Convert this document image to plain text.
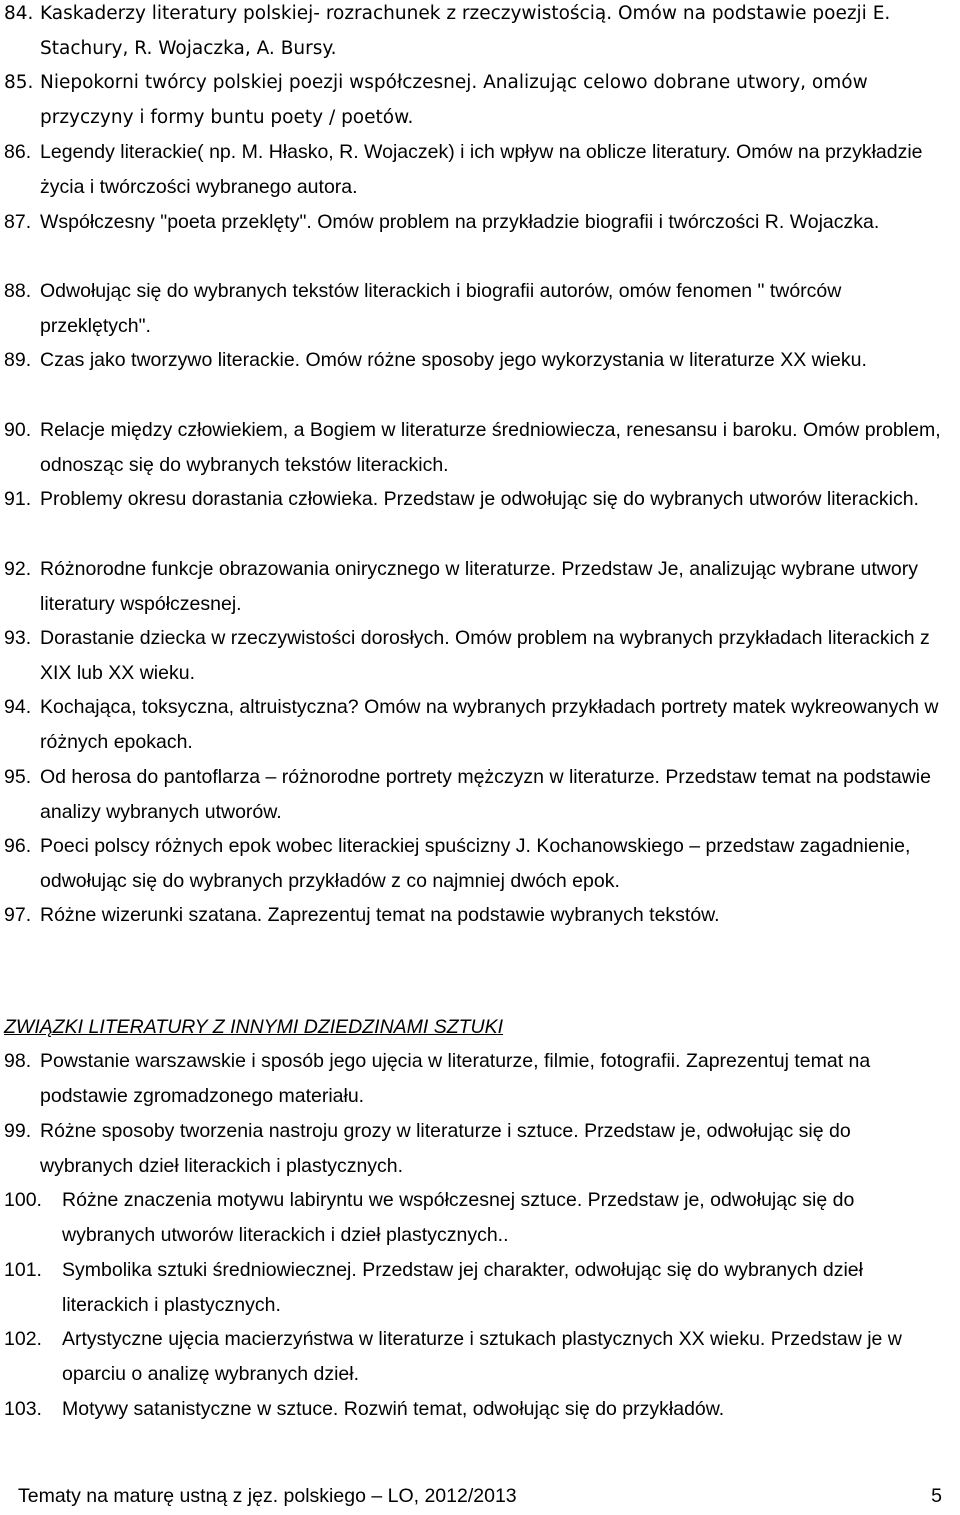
84. Kaskaderzy literatury polskiej- rozrachunek z rzeczywistością. Omów na podstawie poezji E. Stachury, R. Wojaczka, A. Bursy.
85. Niepokorni twórcy polskiej poezji współczesnej. Analizując celowo dobrane utwory, omów przyczyny i formy buntu poety / poetów.
86. Legendy literackie( np. M. Hłasko, R. Wojaczek) i ich wpływ na oblicze literatury. Omów na przykładzie życia i twórczości wybranego autora.
87. Współczesny "poeta przeklęty". Omów problem na przykładzie biografii i twórczości R. Wojaczka.
88. Odwołując się do wybranych tekstów literackich i biografii autorów, omów fenomen " twórców przeklętych".
89. Czas jako tworzywo literackie. Omów różne sposoby jego wykorzystania w literaturze XX wieku.
90. Relacje między człowiekiem, a Bogiem w literaturze średniowiecza, renesansu i baroku. Omów problem, odnosząc się do wybranych tekstów literackich.
91. Problemy okresu dorastania człowieka. Przedstaw je odwołując się do wybranych utworów literackich.
92. Różnorodne funkcje obrazowania onirycznego w literaturze. Przedstaw Je, analizując wybrane utwory literatury współczesnej.
93. Dorastanie dziecka w rzeczywistości dorosłych. Omów problem na wybranych przykładach literackich z XIX lub XX wieku.
94. Kochająca, toksyczna, altruistyczna? Omów na wybranych przykładach portrety matek wykreowanych w różnych epokach.
95. Od herosa do pantoflarza – różnorodne portrety mężczyzn w literaturze. Przedstaw temat na podstawie analizy wybranych utworów.
96. Poeci polscy różnych epok wobec literackiej spuścizny J. Kochanowskiego – przedstaw zagadnienie, odwołując się do wybranych przykładów z co najmniej dwóch epok.
97. Różne wizerunki szatana. Zaprezentuj temat na podstawie wybranych tekstów.
ZWIĄZKI LITERATURY Z INNYMI DZIEDZINAMI SZTUKI
98. Powstanie warszawskie i sposób jego ujęcia w literaturze, filmie, fotografii. Zaprezentuj temat na podstawie zgromadzonego materiału.
99. Różne sposoby tworzenia nastroju grozy w literaturze i sztuce. Przedstaw je, odwołując się do wybranych dzieł literackich i plastycznych.
100.	Różne znaczenia motywu labiryntu we współczesnej sztuce. Przedstaw je, odwołując się do wybranych utworów literackich i dzieł plastycznych..
101.	Symbolika sztuki średniowiecznej. Przedstaw jej charakter, odwołując się do wybranych dzieł literackich i plastycznych.
102.	Artystyczne ujęcia macierzyństwa w literaturze i sztukach plastycznych XX wieku. Przedstaw je w oparciu o analizę wybranych dzieł.
103.	Motywy satanistyczne w sztuce. Rozwiń temat, odwołując się do przykładów.
Tematy na maturę ustną z jęz. polskiego – LO, 2012/2013	5
